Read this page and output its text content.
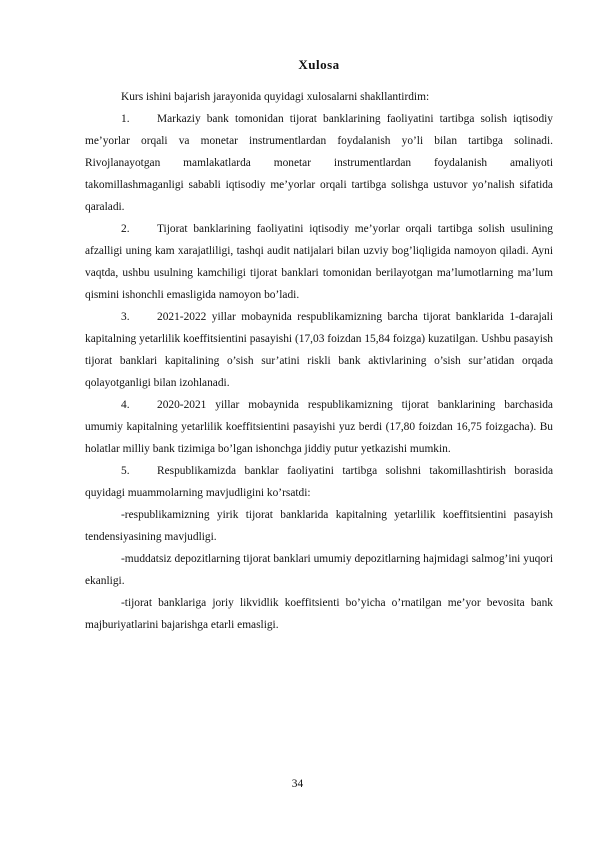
Xulosa

Kurs ishini bajarish jarayonida quyidagi xulosalarni shakllantirdim:

1. Markaziy bank tomonidan tijorat banklarining faoliyatini tartibga solish iqtisodiy me’yorlar orqali va monetar instrumentlardan foydalanish yo’li bilan tartibga solinadi. Rivojlanayotgan mamlakatlarda monetar instrumentlardan foydalanish amaliyoti takomillashmaganligi sababli iqtisodiy me’yorlar orqali tartibga solishga ustuvor yo’nalish sifatida qaraladi.

2. Tijorat banklarining faoliyatini iqtisodiy me’yorlar orqali tartibga solish usulining afzalligi uning kam xarajatliligi, tashqi audit natijalari bilan uzviy bog’liqligida namoyon qiladi. Ayni vaqtda, ushbu usulning kamchiligi tijorat banklari tomonidan berilayotgan ma’lumotlarning ma’lum qismini ishonchli emasligida namoyon bo’ladi.

3. 2021-2022 yillar mobaynida respublikamizning barcha tijorat banklarida 1-darajali kapitalning yetarlilik koeffitsientini pasayishi (17,03 foizdan 15,84 foizga) kuzatilgan. Ushbu pasayish tijorat banklari kapitalining o’sish sur’atini riskli bank aktivlarining o’sish sur’atidan orqada qolayotganligi bilan izohlanadi.

4. 2020-2021 yillar mobaynida respublikamizning tijorat banklarining barchasida umumiy kapitalning yetarlilik koeffitsientini pasayishi yuz berdi (17,80 foizdan 16,75 foizgacha). Bu holatlar milliy bank tizimiga bo’lgan ishonchga jiddiy putur yetkazishi mumkin.

5. Respublikamizda banklar faoliyatini tartibga solishni takomillashtirish borasida quyidagi muammolarning mavjudligini ko’rsatdi:

-respublikamizning yirik tijorat banklarida kapitalning yetarlilik koeffitsientini pasayish tendensiyasining mavjudligi.

-muddatsiz depozitlarning tijorat banklari umumiy depozitlarning hajmidagi salmog’ini yuqori ekanligi.

-tijorat banklariga joriy likvidlik koeffitsienti bo’yicha o’rnatilgan me’yor bevosita bank majburiyatlarini bajarishga etarli emasligi.

34
